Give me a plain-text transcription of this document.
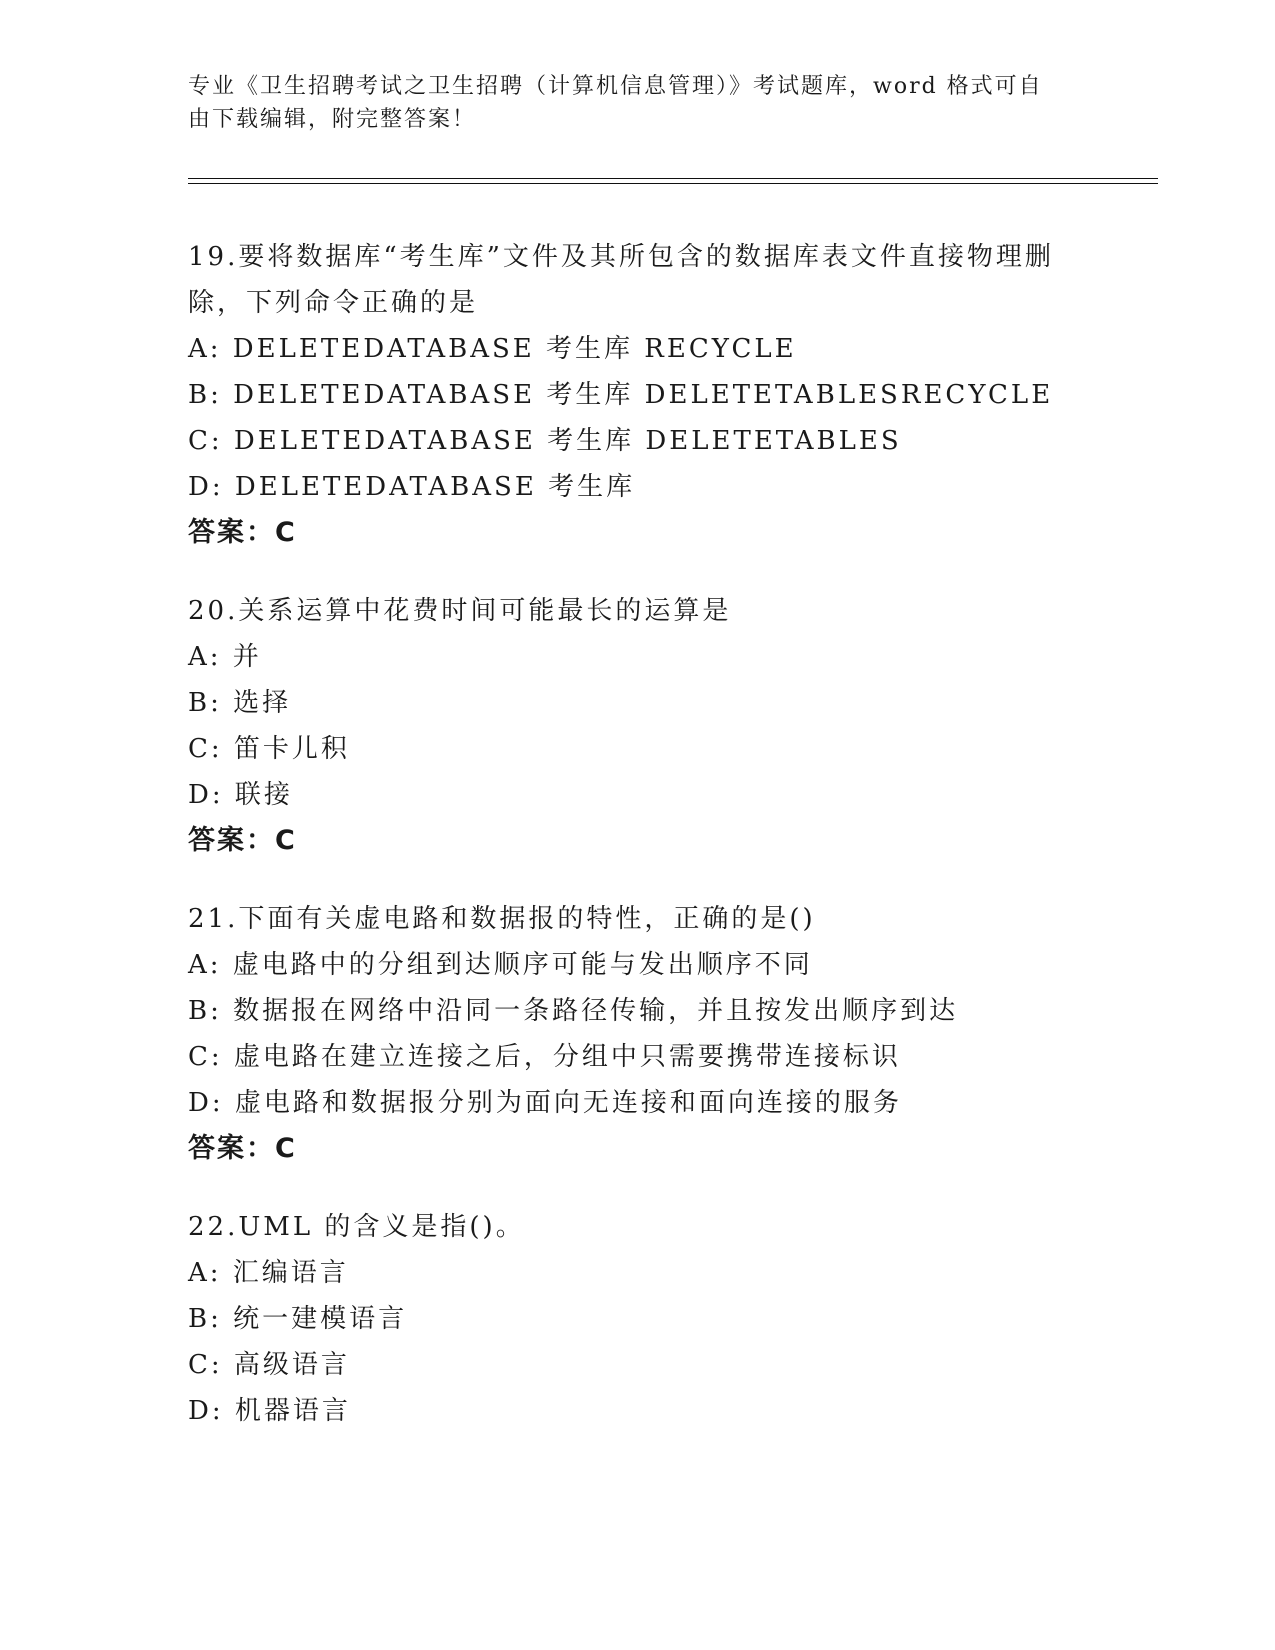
专业《卫生招聘考试之卫生招聘（计算机信息管理）》考试题库，word 格式可自
由下载编辑，附完整答案！
19.要将数据库“考生库”文件及其所包含的数据库表文件直接物理删除，下列命令正确的是
A: DELETEDATABASE 考生库 RECYCLE
B: DELETEDATABASE 考生库 DELETETABLESRECYCLE
C: DELETEDATABASE 考生库 DELETETABLES
D: DELETEDATABASE 考生库
答案：C
20.关系运算中花费时间可能最长的运算是
A: 并
B: 选择
C: 笛卡儿积
D: 联接
答案：C
21.下面有关虚电路和数据报的特性，正确的是()
A: 虚电路中的分组到达顺序可能与发出顺序不同
B: 数据报在网络中沿同一条路径传输，并且按发出顺序到达
C: 虚电路在建立连接之后，分组中只需要携带连接标识
D: 虚电路和数据报分别为面向无连接和面向连接的服务
答案：C
22.UML 的含义是指()。
A: 汇编语言
B: 统一建模语言
C: 高级语言
D: 机器语言
